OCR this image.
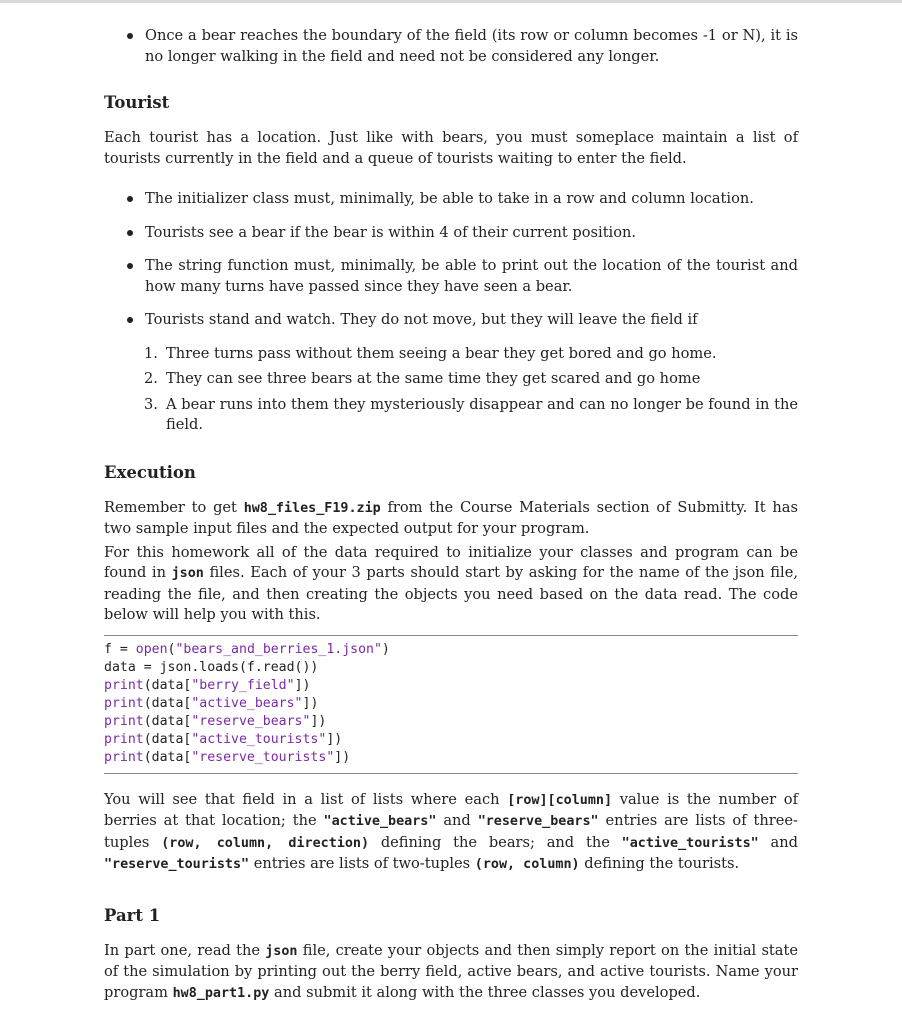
Once a bear reaches the boundary of the field (its row or column becomes -1 or N), it is no longer walking in the field and need not be considered any longer.
Tourist

Each tourist has a location. Just like with bears, you must someplace maintain a list of tourists currently in the field and a queue of tourists waiting to enter the field.

The initializer class must, minimally, be able to take in a row and column location.
Tourists see a bear if the bear is within 4 of their current position.
The string function must, minimally, be able to print out the location of the tourist and how many turns have passed since they have seen a bear.
Tourists stand and watch. They do not move, but they will leave the field if
1. Three turns pass without them seeing a bear they get bored and go home.
2. They can see three bears at the same time they get scared and go home
3. A bear runs into them they mysteriously disappear and can no longer be found in the field.
Execution

Remember to get hw8_files_F19.zip from the Course Materials section of Submitty. It has two sample input files and the expected output for your program.

For this homework all of the data required to initialize your classes and program can be found in json files. Each of your 3 parts should start by asking for the name of the json file, reading the file, and then creating the objects you need based on the data read. The code below will help you with this.

f = open("bears_and_berries_1.json")
data = json.loads(f.read())
print(data["berry_field"])
print(data["active_bears"])
print(data["reserve_bears"])
print(data["active_tourists"])
print(data["reserve_tourists"])

You will see that field in a list of lists where each [row][column] value is the number of berries at that location; the "active_bears" and "reserve_bears" entries are lists of three-tuples (row, column, direction) defining the bears; and the "active_tourists" and "reserve_tourists" entries are lists of two-tuples (row, column) defining the tourists.

Part 1

In part one, read the json file, create your objects and then simply report on the initial state of the simulation by printing out the berry field, active bears, and active tourists. Name your program hw8_part1.py and submit it along with the three classes you developed.
